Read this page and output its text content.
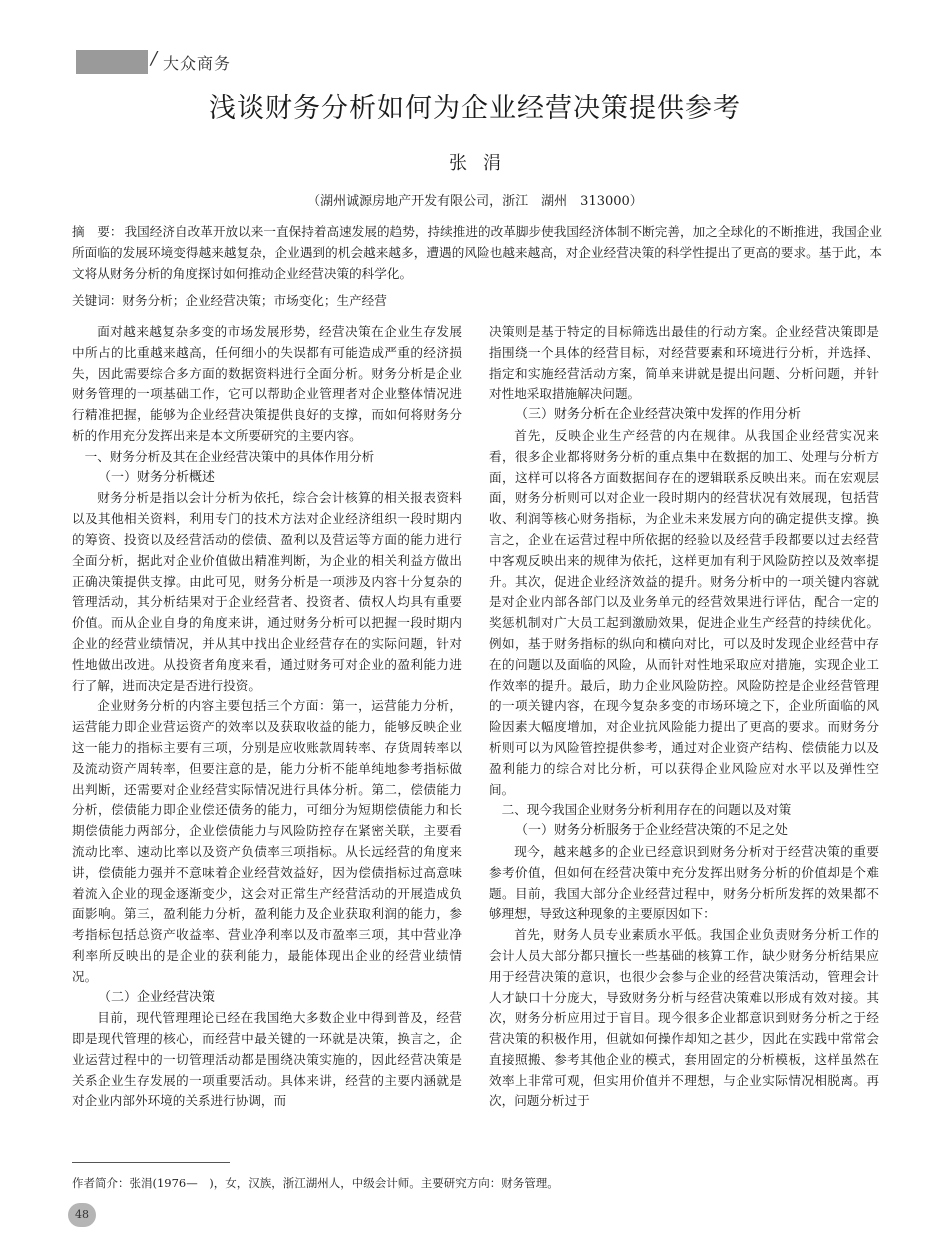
/ 大众商务
浅谈财务分析如何为企业经营决策提供参考
张涓
（湖州诚源房地产开发有限公司，浙江　湖州　313000）
摘　要： 我国经济自改革开放以来一直保持着高速发展的趋势，持续推进的改革脚步使我国经济体制不断完善，加之全球化的不断推进，我国企业所面临的发展环境变得越来越复杂，企业遇到的机会越来越多，遭遇的风险也越来越高，对企业经营决策的科学性提出了更高的要求。基于此，本文将从财务分析的角度探讨如何推动企业经营决策的科学化。
关键词：财务分析；企业经营决策；市场变化；生产经营

面对越来越复杂多变的市场发展形势，经营决策在企业生存发展中所占的比重越来越高，任何细小的失误都有可能造成严重的经济损失，因此需要综合多方面的数据资料进行全面分析。财务分析是企业财务管理的一项基础工作，它可以帮助企业管理者对企业整体情况进行精准把握，能够为企业经营决策提供良好的支撑，而如何将财务分析的作用充分发挥出来是本文所要研究的主要内容。

一、财务分析及其在企业经营决策中的具体作用分析

（一）财务分析概述

财务分析是指以会计分析为依托，综合会计核算的相关报表资料以及其他相关资料，利用专门的技术方法对企业经济组织一段时期内的筹资、投资以及经营活动的偿债、盈利以及营运等方面的能力进行全面分析，据此对企业价值做出精准判断，为企业的相关利益方做出正确决策提供支撑。由此可见，财务分析是一项涉及内容十分复杂的管理活动，其分析结果对于企业经营者、投资者、债权人均具有重要价值。而从企业自身的角度来讲，通过财务分析可以把握一段时期内企业的经营业绩情况，并从其中找出企业经营存在的实际问题，针对性地做出改进。从投资者角度来看，通过财务可对企业的盈利能力进行了解，进而决定是否进行投资。

企业财务分析的内容主要包括三个方面：第一，运营能力分析，运营能力即企业营运资产的效率以及获取收益的能力，能够反映企业这一能力的指标主要有三项，分别是应收账款周转率、存货周转率以及流动资产周转率，但要注意的是，能力分析不能单纯地参考指标做出判断，还需要对企业经营实际情况进行具体分析。第二，偿债能力分析，偿债能力即企业偿还债务的能力，可细分为短期偿债能力和长期偿债能力两部分，企业偿债能力与风险防控存在紧密关联，主要看流动比率、速动比率以及资产负债率三项指标。从长远经营的角度来讲，偿债能力强并不意味着企业经营效益好，因为偿债指标过高意味着流入企业的现金逐渐变少，这会对正常生产经营活动的开展造成负面影响。第三，盈利能力分析，盈利能力及企业获取利润的能力，参考指标包括总资产收益率、营业净利率以及市盈率三项，其中营业净利率所反映出的是企业的获利能力，最能体现出企业的经营业绩情况。

（二）企业经营决策

目前，现代管理理论已经在我国绝大多数企业中得到普及，经营即是现代管理的核心，而经营中最关键的一环就是决策，换言之，企业运营过程中的一切管理活动都是围绕决策实施的，因此经营决策是关系企业生存发展的一项重要活动。具体来讲，经营的主要内涵就是对企业内部外环境的关系进行协调，而

决策则是基于特定的目标筛选出最佳的行动方案。企业经营决策即是指围绕一个具体的经营目标，对经营要素和环境进行分析，并选择、指定和实施经营活动方案，简单来讲就是提出问题、分析问题，并针对性地采取措施解决问题。

（三）财务分析在企业经营决策中发挥的作用分析

首先，反映企业生产经营的内在规律。从我国企业经营实况来看，很多企业都将财务分析的重点集中在数据的加工、处理与分析方面，这样可以将各方面数据间存在的逻辑联系反映出来。而在宏观层面，财务分析则可以对企业一段时期内的经营状况有效展现，包括营收、利润等核心财务指标，为企业未来发展方向的确定提供支撑。换言之，企业在运营过程中所依据的经验以及经营手段都要以过去经营中客观反映出来的规律为依托，这样更加有利于风险防控以及效率提升。其次，促进企业经济效益的提升。财务分析中的一项关键内容就是对企业内部各部门以及业务单元的经营效果进行评估，配合一定的奖惩机制对广大员工起到激励效果，促进企业生产经营的持续优化。例如，基于财务指标的纵向和横向对比，可以及时发现企业经营中存在的问题以及面临的风险，从而针对性地采取应对措施，实现企业工作效率的提升。最后，助力企业风险防控。风险防控是企业经营管理的一项关键内容，在现今复杂多变的市场环境之下，企业所面临的风险因素大幅度增加，对企业抗风险能力提出了更高的要求。而财务分析则可以为风险管控提供参考，通过对企业资产结构、偿债能力以及盈利能力的综合对比分析，可以获得企业风险应对水平以及弹性空间。

二、现今我国企业财务分析利用存在的问题以及对策

（一）财务分析服务于企业经营决策的不足之处

现今，越来越多的企业已经意识到财务分析对于经营决策的重要参考价值，但如何在经营决策中充分发挥出财务分析的价值却是个难题。目前，我国大部分企业经营过程中，财务分析所发挥的效果都不够理想，导致这种现象的主要原因如下：

首先，财务人员专业素质水平低。我国企业负责财务分析工作的会计人员大部分都只擅长一些基础的核算工作，缺少财务分析结果应用于经营决策的意识，也很少会参与企业的经营决策活动，管理会计人才缺口十分庞大，导致财务分析与经营决策难以形成有效对接。其次，财务分析应用过于盲目。现今很多企业都意识到财务分析之于经营决策的积极作用，但就如何操作却知之甚少，因此在实践中常常会直接照搬、参考其他企业的模式，套用固定的分析模板，这样虽然在效率上非常可观，但实用价值并不理想，与企业实际情况相脱离。再次，问题分析过于

作者简介：张涓(1976—　)，女，汉族，浙江湖州人，中级会计师。主要研究方向：财务管理。
48
